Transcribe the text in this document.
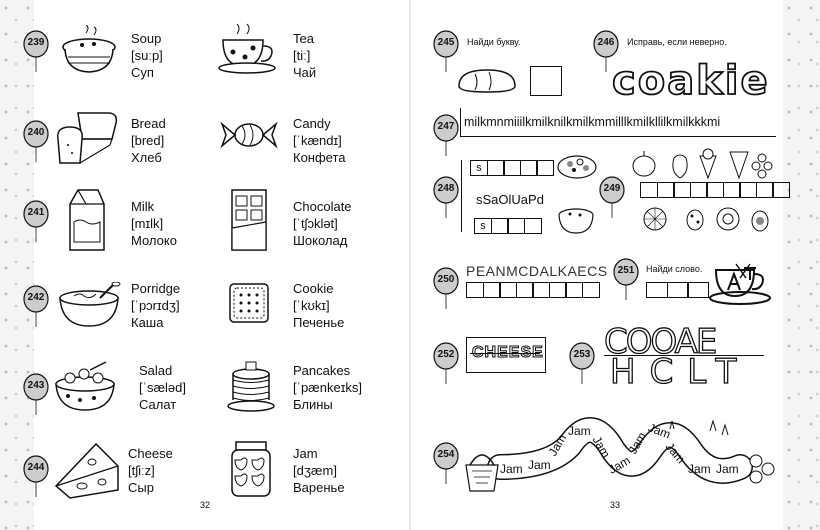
239	Soup
[suːp]
Суп
Tea
[tiː]
Чай
240
Bread
[bred]
Хлеб
Candy
[ˈkændɪ]
Конфета
241	Milk
[mɪlk]
Молоко
Chocolate
[ˈtʃɔklət]
Шоколад
242
Porridge
[ˈpɔrɪdʒ]
Каша
Cookie
[ˈkʊkɪ]
Печенье
243
Salad
[ˈsæləd]
Салат
Pancakes
[ˈpænkeɪks]
Блины
244
Cheese
[tʃiːz]
Сыр
Jam
[dʒæm]
Варенье
32
245	Найди букву.	246	Исправь, если неверно.
coakie
247 milkmnmiiilkmilknilkmilkmmilllkmilkllilkmilkkkmi
248
s
sSaOlUaPd
s
249
250
PEANMCDALKAECS	251	Найди слово.
252	CHEESE	253 COOAE
HCLT
254
Jam Jam
Jam
Jam
Jam
Jam
Jam
Jam
Jam
Jam Jam
33
